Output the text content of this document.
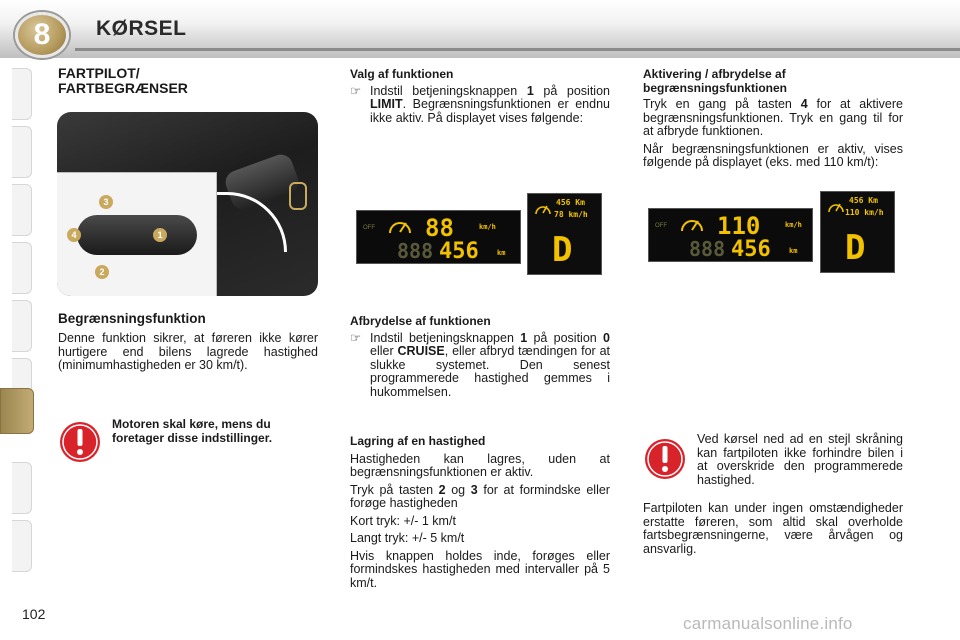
8 KØRSEL
FARTPILOT/
FARTBEGRÆNSER
3
4	1
2
Begrænsningsfunktion

Denne funktion sikrer, at føreren ikke kører hurtigere end bilens lagrede hastighed (minimumhastigheden er 30 km/t).

Motoren skal køre, mens du foretager disse indstillinger.
Valg af funktionen
☞ Indstil betjeningsknappen 1 på position LIMIT. Begrænsningsfunktionen er endnu ikke aktiv. På displayet vises følgende:

OFF	88	km/h
888 456	km
456 Km
78 km/h
D
Afbrydelse af funktionen
☞ Indstil betjeningsknappen 1 på position 0 eller CRUISE, eller afbryd tændingen for at slukke systemet. Den senest programmerede hastighed gemmes i hukommelsen.

Lagring af en hastighed

Hastigheden kan lagres, uden at begrænsningsfunktionen er aktiv.

Tryk på tasten 2 og 3 for at formindske eller forøge hastigheden

Kort tryk: +/- 1 km/t

Langt tryk: +/- 5 km/t

Hvis knappen holdes inde, forøges eller formindskes hastigheden med intervaller på 5 km/t.

Aktivering / afbrydelse af begrænsningsfunktionen

Tryk en gang på tasten 4 for at aktivere begrænsningsfunktionen. Tryk en gang til for at afbryde funktionen.

Når begrænsningsfunktionen er aktiv, vises følgende på displayet (eks. med 110 km/t):

OFF	110	km/h
888 456	km
456 Km
110 km/h
D

Ved kørsel ned ad en stejl skråning kan fartpiloten ikke forhindre bilen i at overskride den programmerede hastighed.

Fartpiloten kan under ingen omstændigheder erstatte føreren, som altid skal overholde fartsbegrænsningerne, være årvågen og ansvarlig.

102	carmanualsonline.info
